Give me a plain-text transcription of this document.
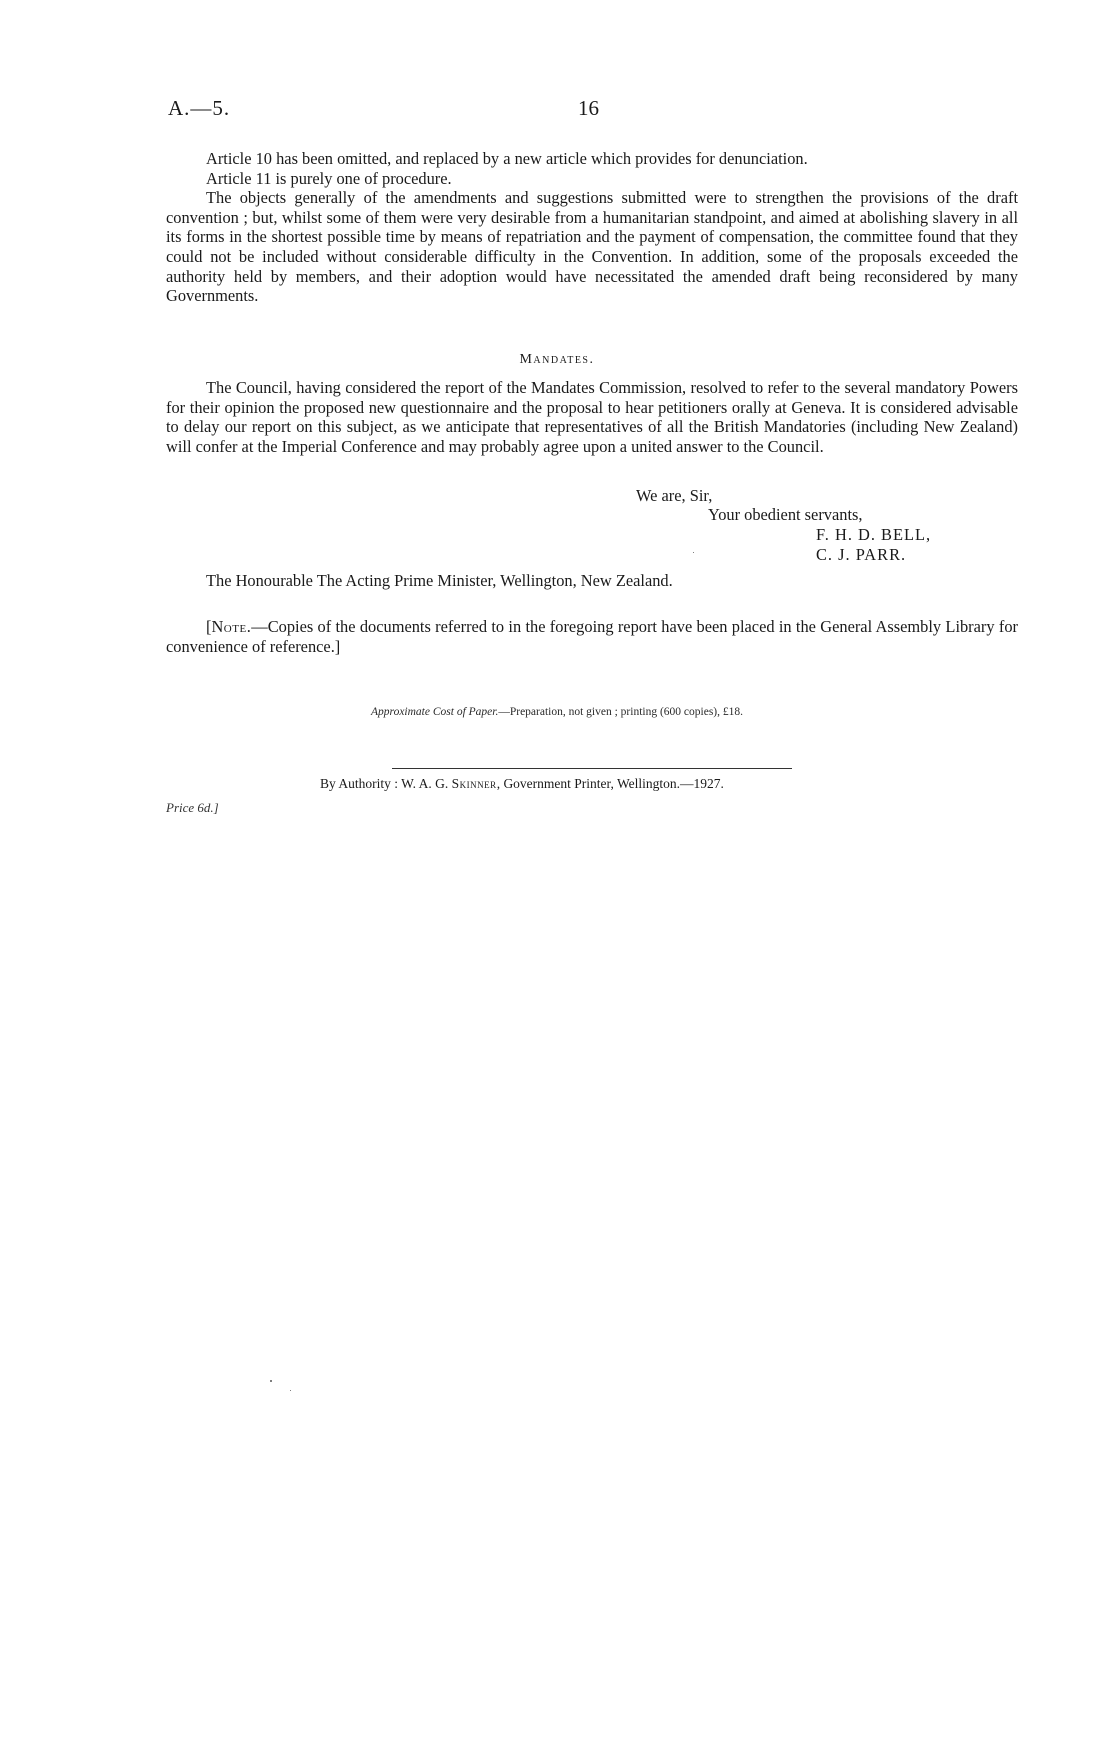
A.—5.	16

Article 10 has been omitted, and replaced by a new article which provides for denunciation.

Article 11 is purely one of procedure.

The objects generally of the amendments and suggestions submitted were to strengthen the provisions of the draft convention ; but, whilst some of them were very desirable from a humanitarian standpoint, and aimed at abolishing slavery in all its forms in the shortest possible time by means of repatriation and the payment of compensation, the committee found that they could not be included without considerable difficulty in the Convention. In addition, some of the proposals exceeded the authority held by members, and their adoption would have necessitated the amended draft being reconsidered by many Governments.

Mandates.

The Council, having considered the report of the Mandates Commission, resolved to refer to the several mandatory Powers for their opinion the proposed new questionnaire and the proposal to hear petitioners orally at Geneva. It is considered advisable to delay our report on this subject, as we anticipate that representatives of all the British Mandatories (including New Zealand) will confer at the Imperial Conference and may probably agree upon a united answer to the Council.

We are, Sir,
Your obedient servants,
F. H. D. BELL,
C. J. PARR.
The Honourable The Acting Prime Minister, Wellington, New Zealand.

[Note.—Copies of the documents referred to in the foregoing report have been placed in the General Assembly Library for convenience of reference.]

Approximate Cost of Paper.—Preparation, not given ; printing (600 copies), £18.
By Authority : W. A. G. Skinner, Government Printer, Wellington.—1927.
Price 6d.]
